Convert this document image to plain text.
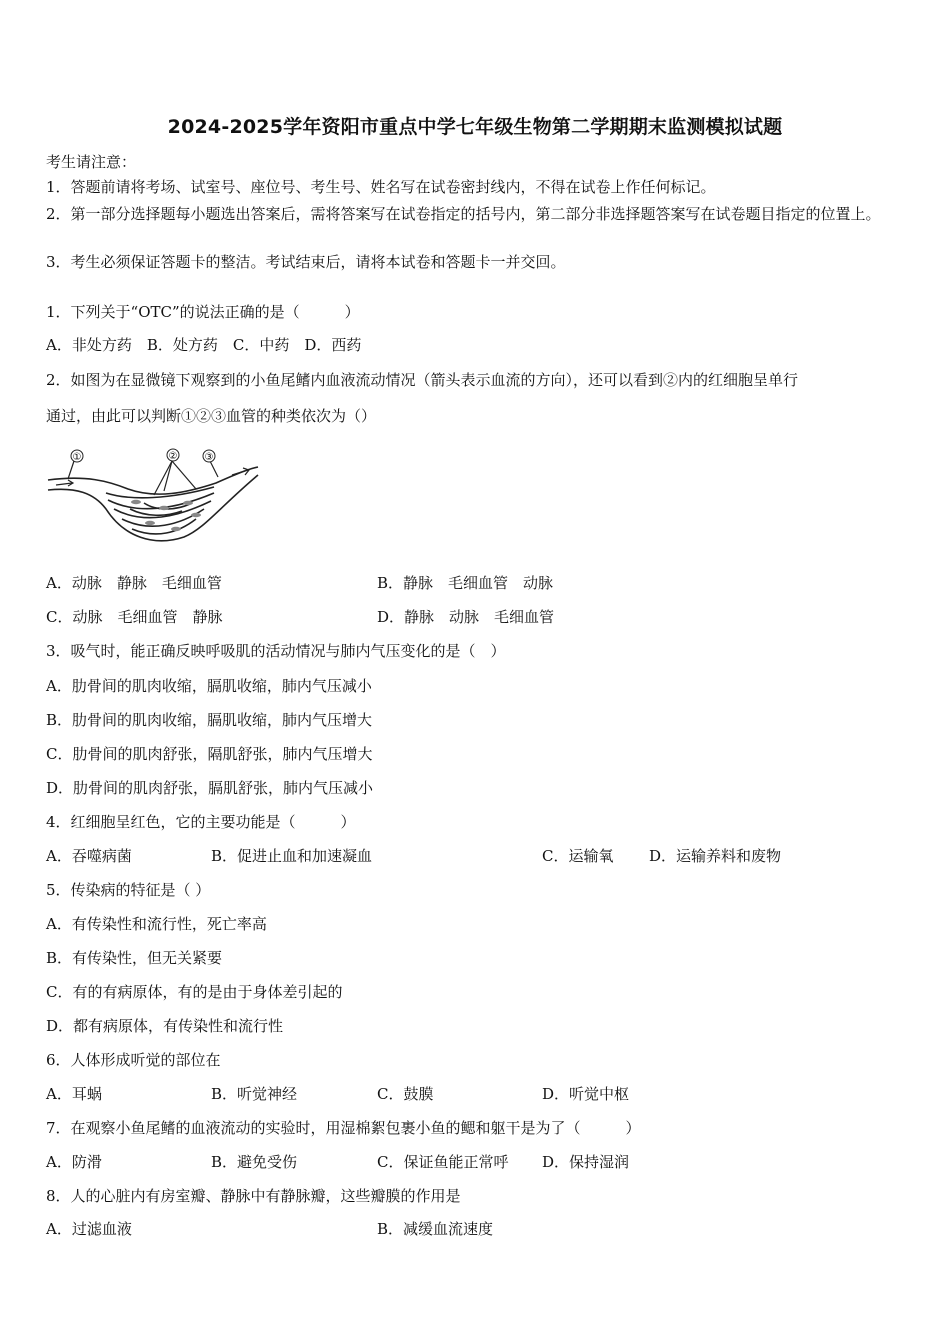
2024-2025学年资阳市重点中学七年级生物第二学期期末监测模拟试题
考生请注意：
1．答题前请将考场、试室号、座位号、考生号、姓名写在试卷密封线内，不得在试卷上作任何标记。
2．第一部分选择题每小题选出答案后，需将答案写在试卷指定的括号内，第二部分非选择题答案写在试卷题目指定的位置上。
3．考生必须保证答题卡的整洁。考试结束后，请将本试卷和答题卡一并交回。
1．下列关于“OTC”的说法正确的是（　　　）
A．非处方药　B．处方药　C．中药　D．西药
2．如图为在显微镜下观察到的小鱼尾鳍内血液流动情况（箭头表示血流的方向），还可以看到②内的红细胞呈单行
通过，由此可以判断①②③血管的种类依次为（）
①	②	③
A．动脉　静脉　毛细血管	B．静脉　毛细血管　动脉
C．动脉　毛细血管　静脉	D．静脉　动脉　毛细血管
3．吸气时，能正确反映呼吸肌的活动情况与肺内气压变化的是（　）
A．肋骨间的肌肉收缩，膈肌收缩，肺内气压减小
B．肋骨间的肌肉收缩，膈肌收缩，肺内气压增大
C．肋骨间的肌肉舒张，隔肌舒张，肺内气压增大
D．肋骨间的肌肉舒张，膈肌舒张，肺内气压减小
4．红细胞呈红色，它的主要功能是（　　　）
A．吞噬病菌	B．促进止血和加速凝血	C．运输氧 D．运输养料和废物
5．传染病的特征是（ ）
A．有传染性和流行性，死亡率高
B．有传染性，但无关紧要
C．有的有病原体，有的是由于身体差引起的
D．都有病原体，有传染性和流行性
6．人体形成听觉的部位在
A．耳蜗	B．听觉神经	C．鼓膜	D．听觉中枢
7．在观察小鱼尾鳍的血液流动的实验时，用湿棉絮包裹小鱼的鳃和躯干是为了（　　　）
A．防滑	B．避免受伤	C．保证鱼能正常呼 D．保持湿润
8．人的心脏内有房室瓣、静脉中有静脉瓣，这些瓣膜的作用是
A．过滤血液	B．减缓血流速度
